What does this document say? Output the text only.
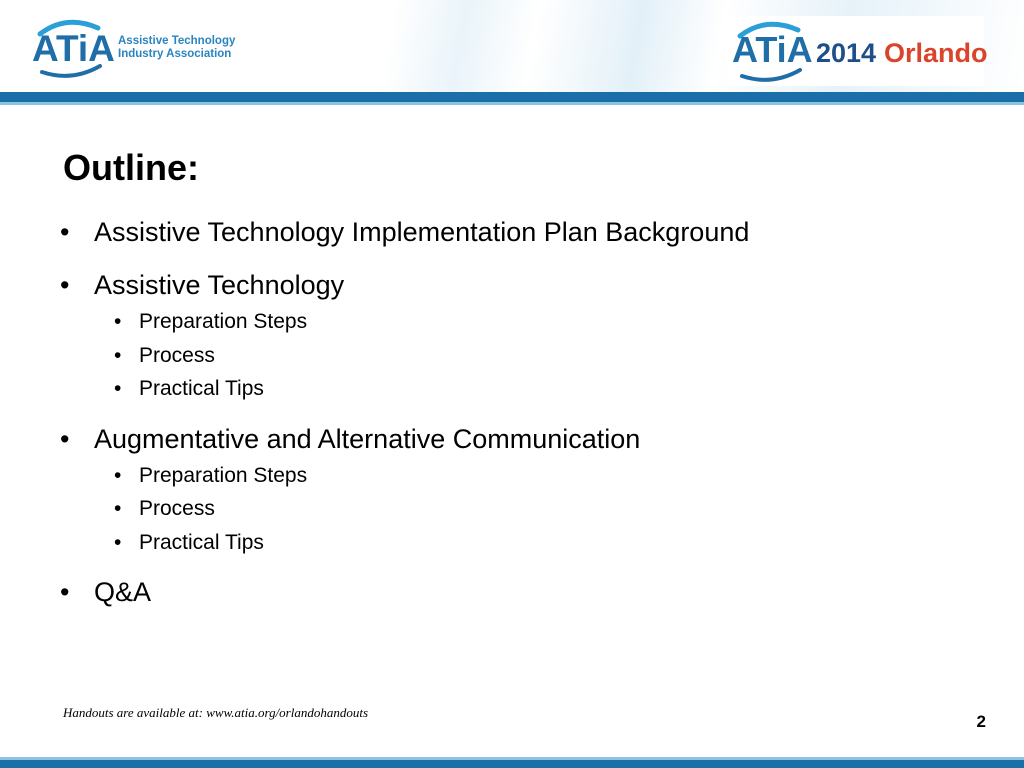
ATiA Assistive Technology
Industry Association	ATiA 2014 Orlando
Outline:
• Assistive Technology Implementation Plan Background
• Assistive Technology
• Preparation Steps
• Process
• Practical Tips
• Augmentative and Alternative Communication
• Preparation Steps
• Process
• Practical Tips
• Q&A
Handouts are available at: www.atia.org/orlandohandouts	2
